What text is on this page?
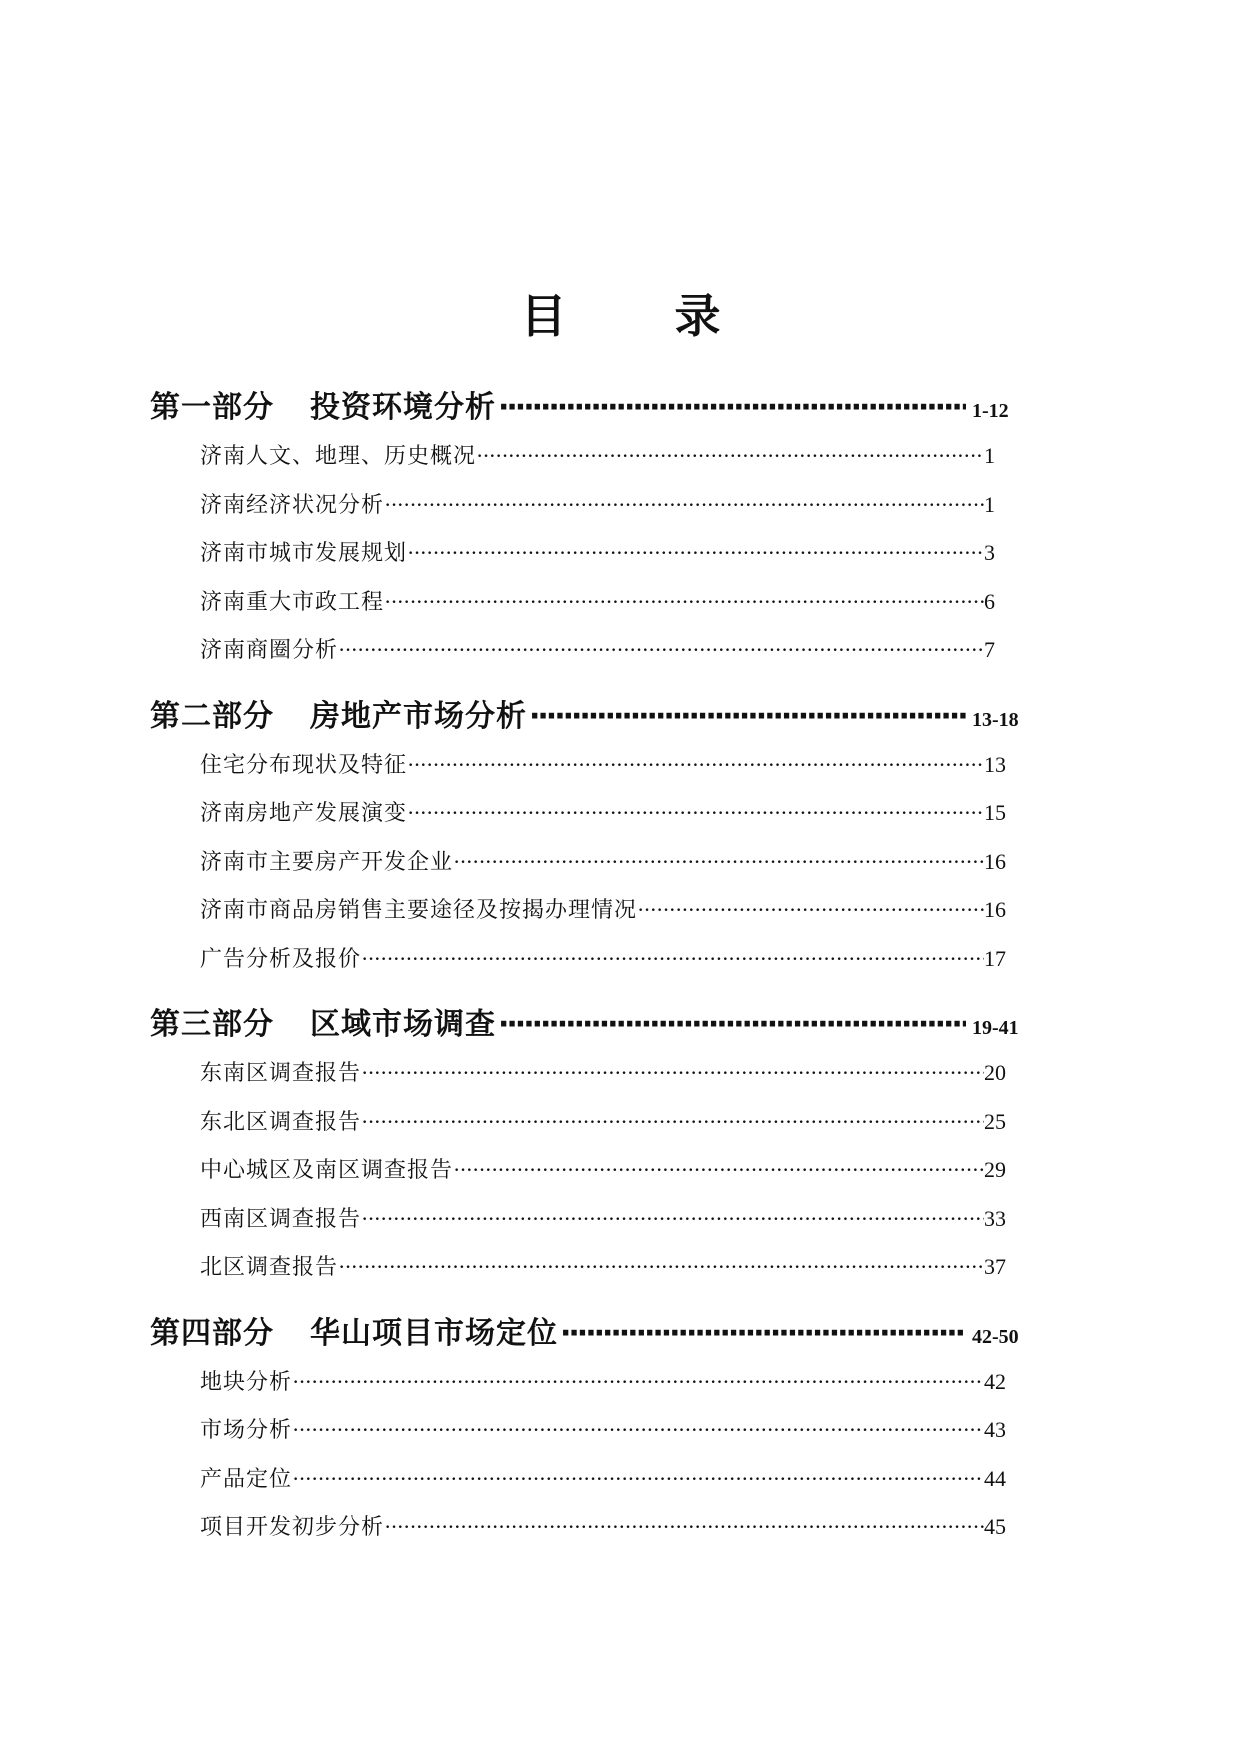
目 录
第一部分 投资环境分析 ·····	1-12
济南人文、地理、历史概况 ·····	1
济南经济状况分析 ·····	1
济南市城市发展规划 ·····	3
济南重大市政工程 ·····	6
济南商圈分析 ·····	7
第二部分 房地产市场分析 ·····	13-18
住宅分布现状及特征 ·····	13
济南房地产发展演变 ·····	15
济南市主要房产开发企业 ·····	16
济南市商品房销售主要途径及按揭办理情况 ·····	16
广告分析及报价 ·····	17
第三部分 区域市场调查 ·····	19-41
东南区调查报告 ·····	20
东北区调查报告 ·····	25
中心城区及南区调查报告 ·····	29
西南区调查报告 ·····	33
北区调查报告 ·····	37
第四部分 华山项目市场定位 ·····	42-50
地块分析 ·····	42
市场分析 ·····	43
产品定位 ·····	44
项目开发初步分析 ·····	45
